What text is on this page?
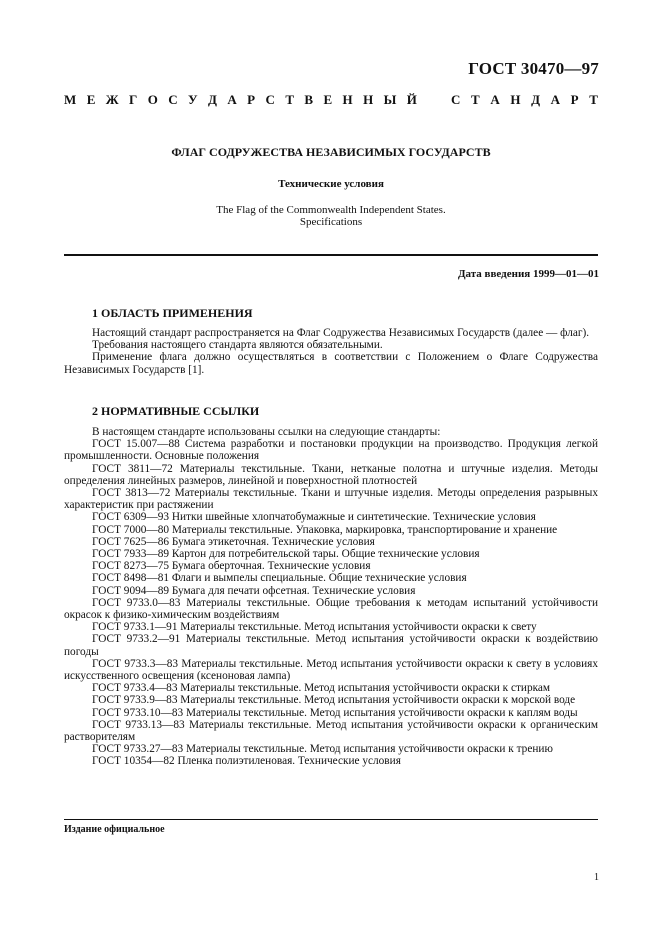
ГОСТ 30470—97
М Е Ж Г О С У Д А Р С Т В Е Н Н Ы Й	С Т А Н Д А Р Т
ФЛАГ СОДРУЖЕСТВА НЕЗАВИСИМЫХ ГОСУДАРСТВ
Технические условия
The Flag of the Commonwealth Independent States.
Specifications
Дата введения 1999—01—01
1 ОБЛАСТЬ ПРИМЕНЕНИЯ

Настоящий стандарт распространяется на Флаг Содружества Независимых Государств (далее — флаг).

Требования настоящего стандарта являются обязательными.

Применение флага должно осуществляться в соответствии с Положением о Флаге Содружества Независимых Государств [1].

2 НОРМАТИВНЫЕ ССЫЛКИ

В настоящем стандарте использованы ссылки на следующие стандарты:

ГОСТ 15.007—88 Система разработки и постановки продукции на производство. Продукция легкой промышленности. Основные положения

ГОСТ 3811—72 Материалы текстильные. Ткани, нетканые полотна и штучные изделия. Методы определения линейных размеров, линейной и поверхностной плотностей

ГОСТ 3813—72 Материалы текстильные. Ткани и штучные изделия. Методы определения разрывных характеристик при растяжении

ГОСТ 6309—93 Нитки швейные хлопчатобумажные и синтетические. Технические условия

ГОСТ 7000—80 Материалы текстильные. Упаковка, маркировка, транспортирование и хранение

ГОСТ 7625—86 Бумага этикеточная. Технические условия

ГОСТ 7933—89 Картон для потребительской тары. Общие технические условия

ГОСТ 8273—75 Бумага оберточная. Технические условия

ГОСТ 8498—81 Флаги и вымпелы специальные. Общие технические условия

ГОСТ 9094—89 Бумага для печати офсетная. Технические условия

ГОСТ 9733.0—83 Материалы текстильные. Общие требования к методам испытаний устойчивости окрасок к физико-химическим воздействиям

ГОСТ 9733.1—91 Материалы текстильные. Метод испытания устойчивости окраски к свету

ГОСТ 9733.2—91 Материалы текстильные. Метод испытания устойчивости окраски к воздействию погоды

ГОСТ 9733.3—83 Материалы текстильные. Метод испытания устойчивости окраски к свету в условиях искусственного освещения (ксеноновая лампа)

ГОСТ 9733.4—83 Материалы текстильные. Метод испытания устойчивости окраски к стиркам

ГОСТ 9733.9—83 Материалы текстильные. Метод испытания устойчивости окраски к морской воде

ГОСТ 9733.10—83 Материалы текстильные. Метод испытания устойчивости окраски к каплям воды

ГОСТ 9733.13—83 Материалы текстильные. Метод испытания устойчивости окраски к органическим растворителям

ГОСТ 9733.27—83 Материалы текстильные. Метод испытания устойчивости окраски к трению

ГОСТ 10354—82 Пленка полиэтиленовая. Технические условия

Издание официальное
1
